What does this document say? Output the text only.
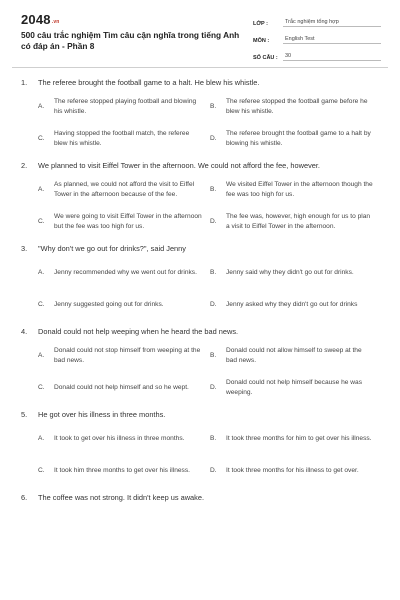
2048.vn
500 câu trắc nghiệm Tìm câu cận nghĩa trong tiếng Anh có đáp án - Phần 8
LỚP :	Trắc nghiệm tổng hợp
MÔN :	English Test
SỐ CÂU :	30
1.	The referee brought the football game to a halt. He blew his whistle.
A.
The referee stopped playing football and blowing his whistle.
B.
The referee stopped the football game before he blew his whistle.
C.
Having stopped the football match, the referee blew his whistle.
D.
The referee brought the football game to a halt by blowing his whistle.
2.	We planned to visit Eiffel Tower in the afternoon. We could not afford the fee, however.
A.
As planned, we could not afford the visit to Eiffel Tower in the afternoon because of the fee.
B.
We visited Eiffel Tower in the afternoon though the fee was too high for us.
C.
We were going to visit Eiffel Tower in the afternoon but the fee was too high for us.
D.
The fee was, however, high enough for us to plan a visit to Eiffel Tower in the afternoon.
3.	"Why don't we go out for drinks?", said Jenny
A.	Jenny recommended why we went out for drinks.	B.	Jenny said why they didn't go out for drinks.
C.	Jenny suggested going out for drinks.	D.	Jenny asked why they didn't go out for drinks
4.	Donald could not help weeping when he heard the bad news.
A.
Donald could not stop himself from weeping at the bad news.
B.
Donald could not allow himself to sweep at the bad news.
C.	Donald could not help himself and so he wept.	D.
Donald could not help himself because he was weeping.
5.	He got over his illness in three months.
A.	It took to get over his illness in three months.	B.	It took three months for him to get over his illness.
C.	It took him three months to get over his illness.	D.	It took three months for his illness to get over.
6.	The coffee was not strong. It didn't keep us awake.
